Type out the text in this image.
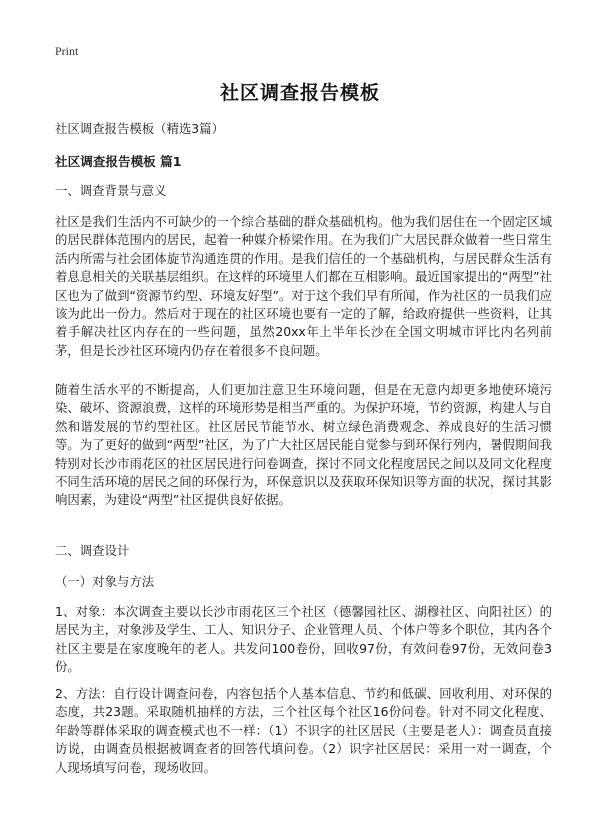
Print
社区调查报告模板
社区调查报告模板（精选3篇）
社区调查报告模板 篇1
一、调查背景与意义

社区是我们生活内不可缺少的一个综合基础的群众基础机构。他为我们居住在一个固定区域的居民群体范围内的居民，起着一种媒介桥梁作用。在为我们广大居民群众做着一些日常生活内所需与社会团体旋节沟通连贯的作用。是我们信任的一个基础机构，与居民群众生活有着息息相关的关联基层组织。在这样的环境里人们都在互相影响。最近国家提出的“两型”社区也为了做到“资源节约型、环境友好型”。对于这个我们早有所闻，作为社区的一员我们应该为此出一份力。然后对于现在的社区环境也要有一定的了解，给政府提供一些资料，让其着手解决社区内存在的一些问题，虽然20xx年上半年长沙在全国文明城市评比内名列前茅，但是长沙社区环境内仍存在着很多不良问题。

随着生活水平的不断提高，人们更加注意卫生环境问题，但是在无意内却更多地使环境污染、破坏、资源浪费，这样的环境形势是相当严重的。为保护环境，节约资源，构建人与自然和谐发展的节约型社区。社区居民节能节水、树立绿色消费观念、养成良好的生活习惯等。为了更好的做到“两型”社区，为了广大社区居民能自觉参与到环保行列内，暑假期间我特别对长沙市雨花区的社区居民进行问卷调查，探讨不同文化程度居民之间以及同文化程度不同生活环境的居民之间的环保行为，环保意识以及获取环保知识等方面的状况，探讨其影响因素，为建设“两型”社区提供良好依据。

二、调查设计
（一）对象与方法

1、对象：本次调查主要以长沙市雨花区三个社区（德馨园社区、湖穆社区、向阳社区）的居民为主，对象涉及学生、工人、知识分子、企业管理人员、个体户等多个职位，其内各个社区主要是在家度晚年的老人。共发问100卷份，回收97份，有效问卷97份，无效问卷3份。

2、方法：自行设计调查问卷，内容包括个人基本信息、节约和低碳、回收利用、对环保的态度，共23题。采取随机抽样的方法，三个社区每个社区16份问卷。针对不同文化程度、年龄等群体采取的调查模式也不一样：（1）不识字的社区居民（主要是老人）：调查员直接访说，由调查员根据被调查者的回答代填问卷。（2）识字社区居民：采用一对一调查，个人现场填写问卷，现场收回。
